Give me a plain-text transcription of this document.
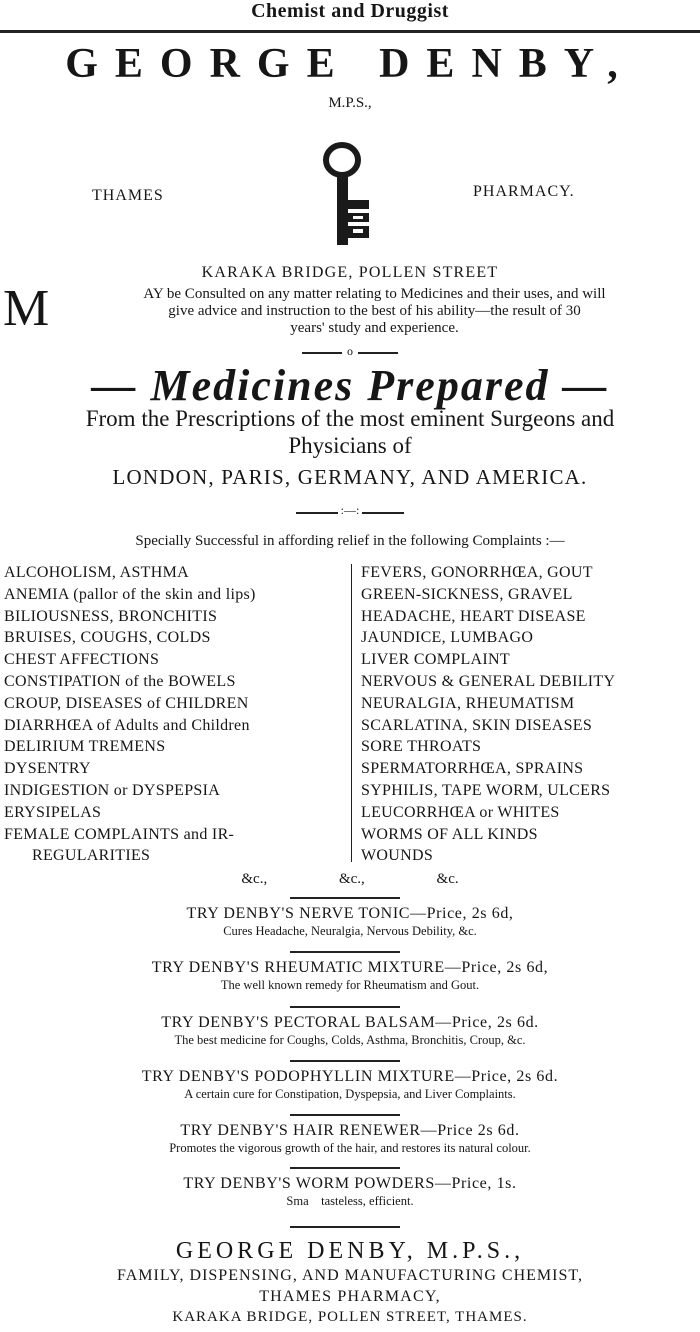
Chemist and Druggist
GEORGE DENBY,
M.P.S.,
THAMES	PHARMACY.
KARAKA BRIDGE, POLLEN STREET
M	AY be Consulted on any matter relating to Medicines and their uses, and will
give advice and instruction to the best of his ability—the result of 30
years' study and experience.
o
— Medicines Prepared —
From the Prescriptions of the most eminent Surgeons and
Physicians of
LONDON, PARIS, GERMANY, AND AMERICA.
:—:
Specially Successful in affording relief in the following Complaints :—
ALCOHOLISM, ASTHMA
ANEMIA (pallor of the skin and lips)
BILIOUSNESS, BRONCHITIS
BRUISES, COUGHS, COLDS
CHEST AFFECTIONS
CONSTIPATION of the BOWELS
CROUP, DISEASES of CHILDREN
DIARRHŒA of Adults and Children
DELIRIUM TREMENS
DYSENTRY
INDIGESTION or DYSPEPSIA
ERYSIPELAS
FEMALE COMPLAINTS and IR-
REGULARITIES
FEVERS, GONORRHŒA, GOUT
GREEN-SICKNESS, GRAVEL
HEADACHE, HEART DISEASE
JAUNDICE, LUMBAGO
LIVER COMPLAINT
NERVOUS & GENERAL DEBILITY
NEURALGIA, RHEUMATISM
SCARLATINA, SKIN DISEASES
SORE THROATS
SPERMATORRHŒA, SPRAINS
SYPHILIS, TAPE WORM, ULCERS
LEUCORRHŒA or WHITES
WORMS OF ALL KINDS
WOUNDS
&c.,	&c.,	&c.
TRY DENBY'S NERVE TONIC—Price, 2s 6d,
Cures Headache, Neuralgia, Nervous Debility, &c.
TRY DENBY'S RHEUMATIC MIXTURE—Price, 2s 6d,
The well known remedy for Rheumatism and Gout.
TRY DENBY'S PECTORAL BALSAM—Price, 2s 6d.
The best medicine for Coughs, Colds, Asthma, Bronchitis, Croup, &c.
TRY DENBY'S PODOPHYLLIN MIXTURE—Price, 2s 6d.
A certain cure for Constipation, Dyspepsia, and Liver Complaints.
TRY DENBY'S HAIR RENEWER—Price 2s 6d.
Promotes the vigorous growth of the hair, and restores its natural colour.
TRY DENBY'S WORM POWDERS—Price, 1s.
Sma    tasteless, efficient.
GEORGE DENBY, M.P.S.,
FAMILY, DISPENSING, AND MANUFACTURING CHEMIST,
THAMES PHARMACY,
KARAKA BRIDGE, POLLEN STREET, THAMES.
